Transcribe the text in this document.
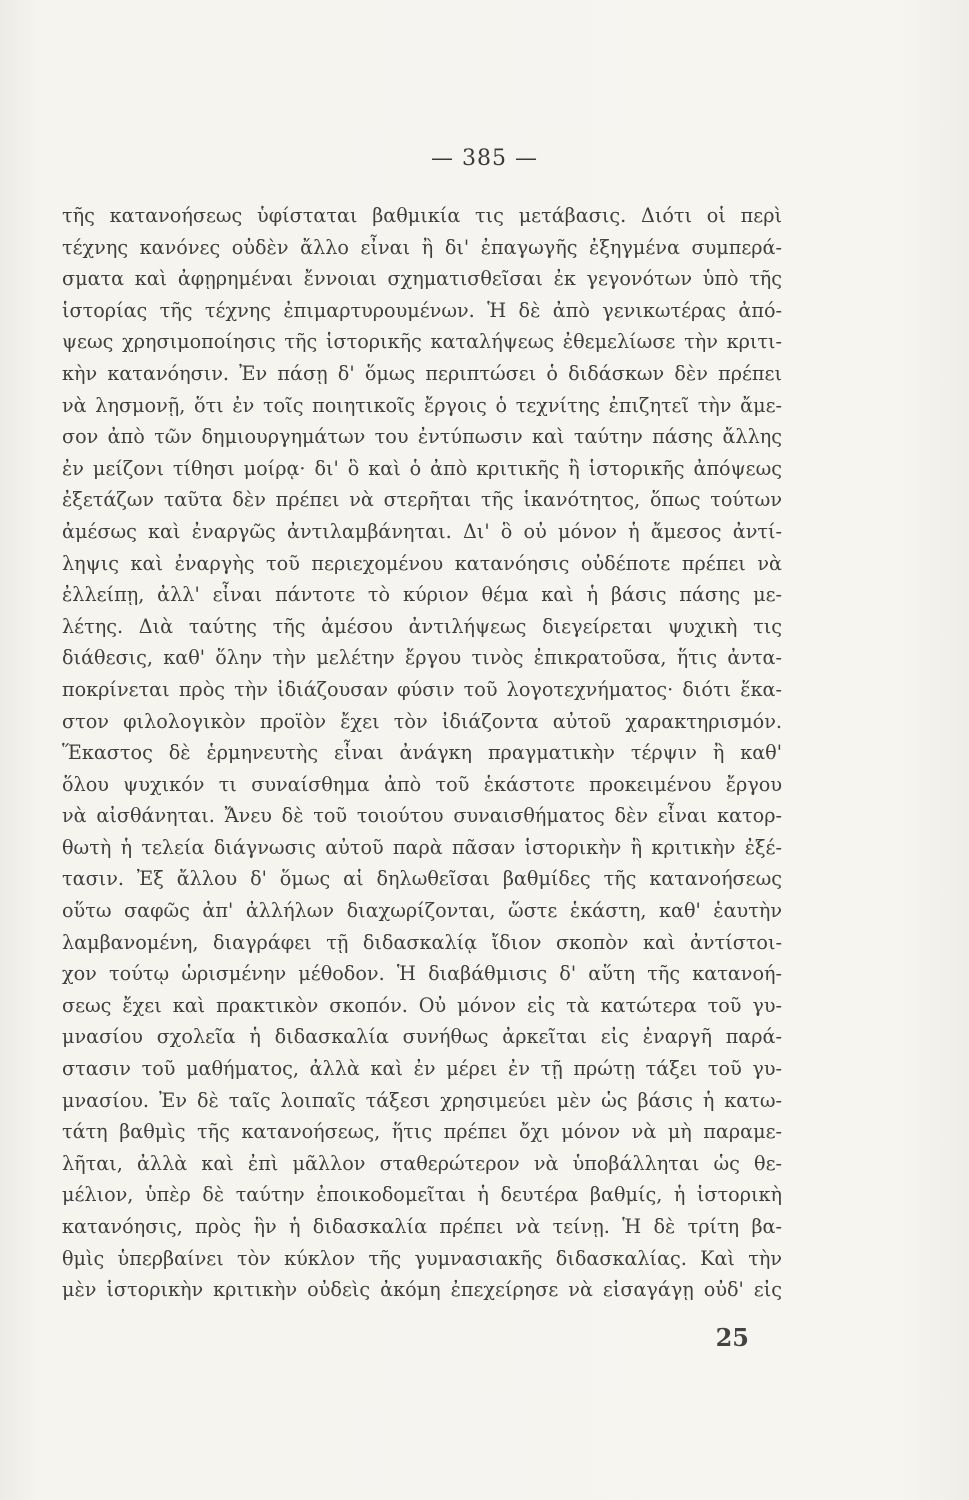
— 385 —
τῆς κατανοήσεως ὑφίσταται βαθμικία τις μετάβασις. Διότι οἱ περὶ
τέχνης κανόνες οὐδὲν ἄλλο εἶναι ἢ δι' ἐπαγωγῆς ἐξηγμένα συμπερά-
σματα καὶ ἀφῃρημέναι ἔννοιαι σχηματισθεῖσαι ἐκ γεγονότων ὑπὸ τῆς
ἱστορίας τῆς τέχνης ἐπιμαρτυρουμένων. Ἡ δὲ ἀπὸ γενικωτέρας ἀπό-
ψεως χρησιμοποίησις τῆς ἱστορικῆς καταλήψεως ἐθεμελίωσε τὴν κριτι-
κὴν κατανόησιν. Ἐν πάσῃ δ' ὅμως περιπτώσει ὁ διδάσκων δὲν πρέπει
νὰ λησμονῇ, ὅτι ἐν τοῖς ποιητικοῖς ἔργοις ὁ τεχνίτης ἐπιζητεῖ τὴν ἄμε-
σον ἀπὸ τῶν δημιουργημάτων του ἐντύπωσιν καὶ ταύτην πάσης ἄλλης
ἐν μείζονι τίθησι μοίρᾳ· δι' ὃ καὶ ὁ ἀπὸ κριτικῆς ἢ ἱστορικῆς ἀπόψεως
ἐξετάζων ταῦτα δὲν πρέπει νὰ στερῆται τῆς ἱκανότητος, ὅπως τούτων
ἀμέσως καὶ ἐναργῶς ἀντιλαμβάνηται. Δι' ὃ οὐ μόνον ἡ ἄμεσος ἀντί-
ληψις καὶ ἐναργὴς τοῦ περιεχομένου κατανόησις οὐδέποτε πρέπει νὰ
ἐλλείπῃ, ἀλλ' εἶναι πάντοτε τὸ κύριον θέμα καὶ ἡ βάσις πάσης με-
λέτης. Διὰ ταύτης τῆς ἀμέσου ἀντιλήψεως διεγείρεται ψυχικὴ τις
διάθεσις, καθ' ὅλην τὴν μελέτην ἔργου τινὸς ἐπικρατοῦσα, ἥτις ἀντα-
ποκρίνεται πρὸς τὴν ἰδιάζουσαν φύσιν τοῦ λογοτεχνήματος· διότι ἕκα-
στον φιλολογικὸν προϊὸν ἔχει τὸν ἰδιάζοντα αὐτοῦ χαρακτηρισμόν.
Ἕκαστος δὲ ἑρμηνευτὴς εἶναι ἀνάγκη πραγματικὴν τέρψιν ἢ καθ'
ὅλου ψυχικόν τι συναίσθημα ἀπὸ τοῦ ἑκάστοτε προκειμένου ἔργου
νὰ αἰσθάνηται. Ἄνευ δὲ τοῦ τοιούτου συναισθήματος δὲν εἶναι κατορ-
θωτὴ ἡ τελεία διάγνωσις αὐτοῦ παρὰ πᾶσαν ἱστορικὴν ἢ κριτικὴν ἐξέ-
τασιν. Ἐξ ἄλλου δ' ὅμως αἱ δηλωθεῖσαι βαθμίδες τῆς κατανοήσεως
οὕτω σαφῶς ἀπ' ἀλλήλων διαχωρίζονται, ὥστε ἑκάστη, καθ' ἑαυτὴν
λαμβανομένη, διαγράφει τῇ διδασκαλίᾳ ἴδιον σκοπὸν καὶ ἀντίστοι-
χον τούτῳ ὡρισμένην μέθοδον. Ἡ διαβάθμισις δ' αὕτη τῆς κατανοή-
σεως ἔχει καὶ πρακτικὸν σκοπόν. Οὐ μόνον εἰς τὰ κατώτερα τοῦ γυ-
μνασίου σχολεῖα ἡ διδασκαλία συνήθως ἀρκεῖται εἰς ἐναργῆ παρά-
στασιν τοῦ μαθήματος, ἀλλὰ καὶ ἐν μέρει ἐν τῇ πρώτῃ τάξει τοῦ γυ-
μνασίου. Ἐν δὲ ταῖς λοιπαῖς τάξεσι χρησιμεύει μὲν ὡς βάσις ἡ κατω-
τάτη βαθμὶς τῆς κατανοήσεως, ἥτις πρέπει ὄχι μόνον νὰ μὴ παραμε-
λῆται, ἀλλὰ καὶ ἐπὶ μᾶλλον σταθερώτερον νὰ ὑποβάλληται ὡς θε-
μέλιον, ὑπὲρ δὲ ταύτην ἐποικοδομεῖται ἡ δευτέρα βαθμίς, ἡ ἱστορικὴ
κατανόησις, πρὸς ἣν ἡ διδασκαλία πρέπει νὰ τείνῃ. Ἡ δὲ τρίτη βα-
θμὶς ὑπερβαίνει τὸν κύκλον τῆς γυμνασιακῆς διδασκαλίας. Καὶ τὴν
μὲν ἱστορικὴν κριτικὴν οὐδεὶς ἀκόμη ἐπεχείρησε νὰ εἰσαγάγῃ οὐδ' εἰς
25
